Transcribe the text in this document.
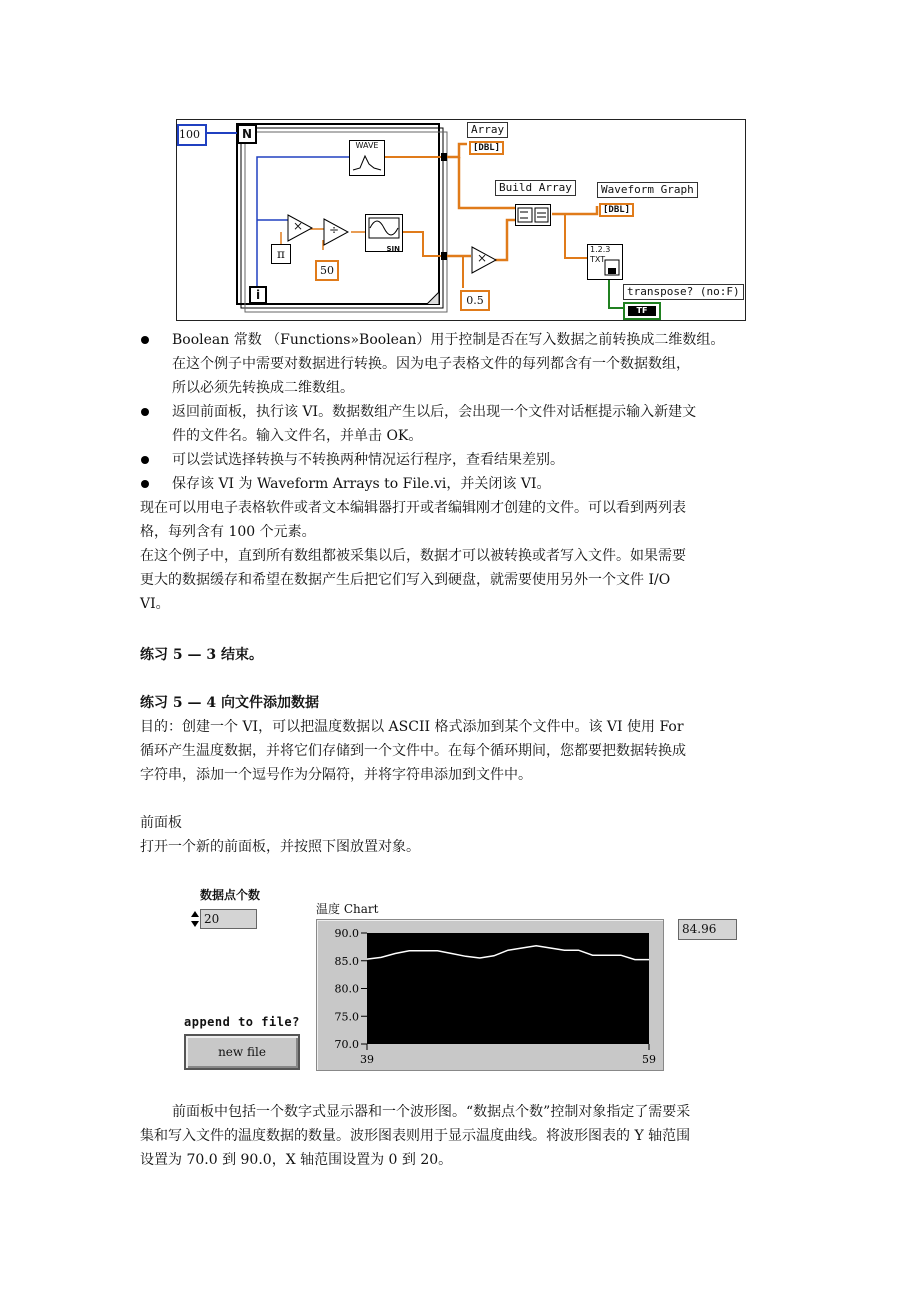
100	N
i
WAVE
×
π
÷
50
SIN
×
0.5
Array
[DBL]
Build Array	Waveform Graph
[DBL]
1.2.3
TXT
transpose? (no:F)
TF
Boolean 常数 （Functions»Boolean）用于控制是否在写入数据之前转换成二维数组。
在这个例子中需要对数据进行转换。因为电子表格文件的每列都含有一个数据数组，
所以必须先转换成二维数组。
返回前面板，执行该 VI。数据数组产生以后，会出现一个文件对话框提示输入新建文
件的文件名。输入文件名，并单击 OK。
可以尝试选择转换与不转换两种情况运行程序，查看结果差别。
保存该 VI 为 Waveform Arrays to File.vi，并关闭该 VI。
现在可以用电子表格软件或者文本编辑器打开或者编辑刚才创建的文件。可以看到两列表
格，每列含有 100 个元素。
在这个例子中，直到所有数组都被采集以后，数据才可以被转换或者写入文件。如果需要
更大的数据缓存和希望在数据产生后把它们写入到硬盘，就需要使用另外一个文件 I/O
VI。
练习 5 — 3 结束。
练习 5 — 4 向文件添加数据
目的：创建一个 VI，可以把温度数据以 ASCII 格式添加到某个文件中。该 VI 使用 For
循环产生温度数据，并将它们存储到一个文件中。在每个循环期间，您都要把数据转换成
字符串，添加一个逗号作为分隔符，并将字符串添加到文件中。
前面板
打开一个新的前面板，并按照下图放置对象。
数据点个数
20
温度 Chart
90.0
85.0
80.0
75.0
70.0
39	59
84.96
append to file?
new file
前面板中包括一个数字式显示器和一个波形图。“数据点个数”控制对象指定了需要采
集和写入文件的温度数据的数量。波形图表则用于显示温度曲线。将波形图表的 Y 轴范围
设置为 70.0 到 90.0，X 轴范围设置为 0 到 20。
